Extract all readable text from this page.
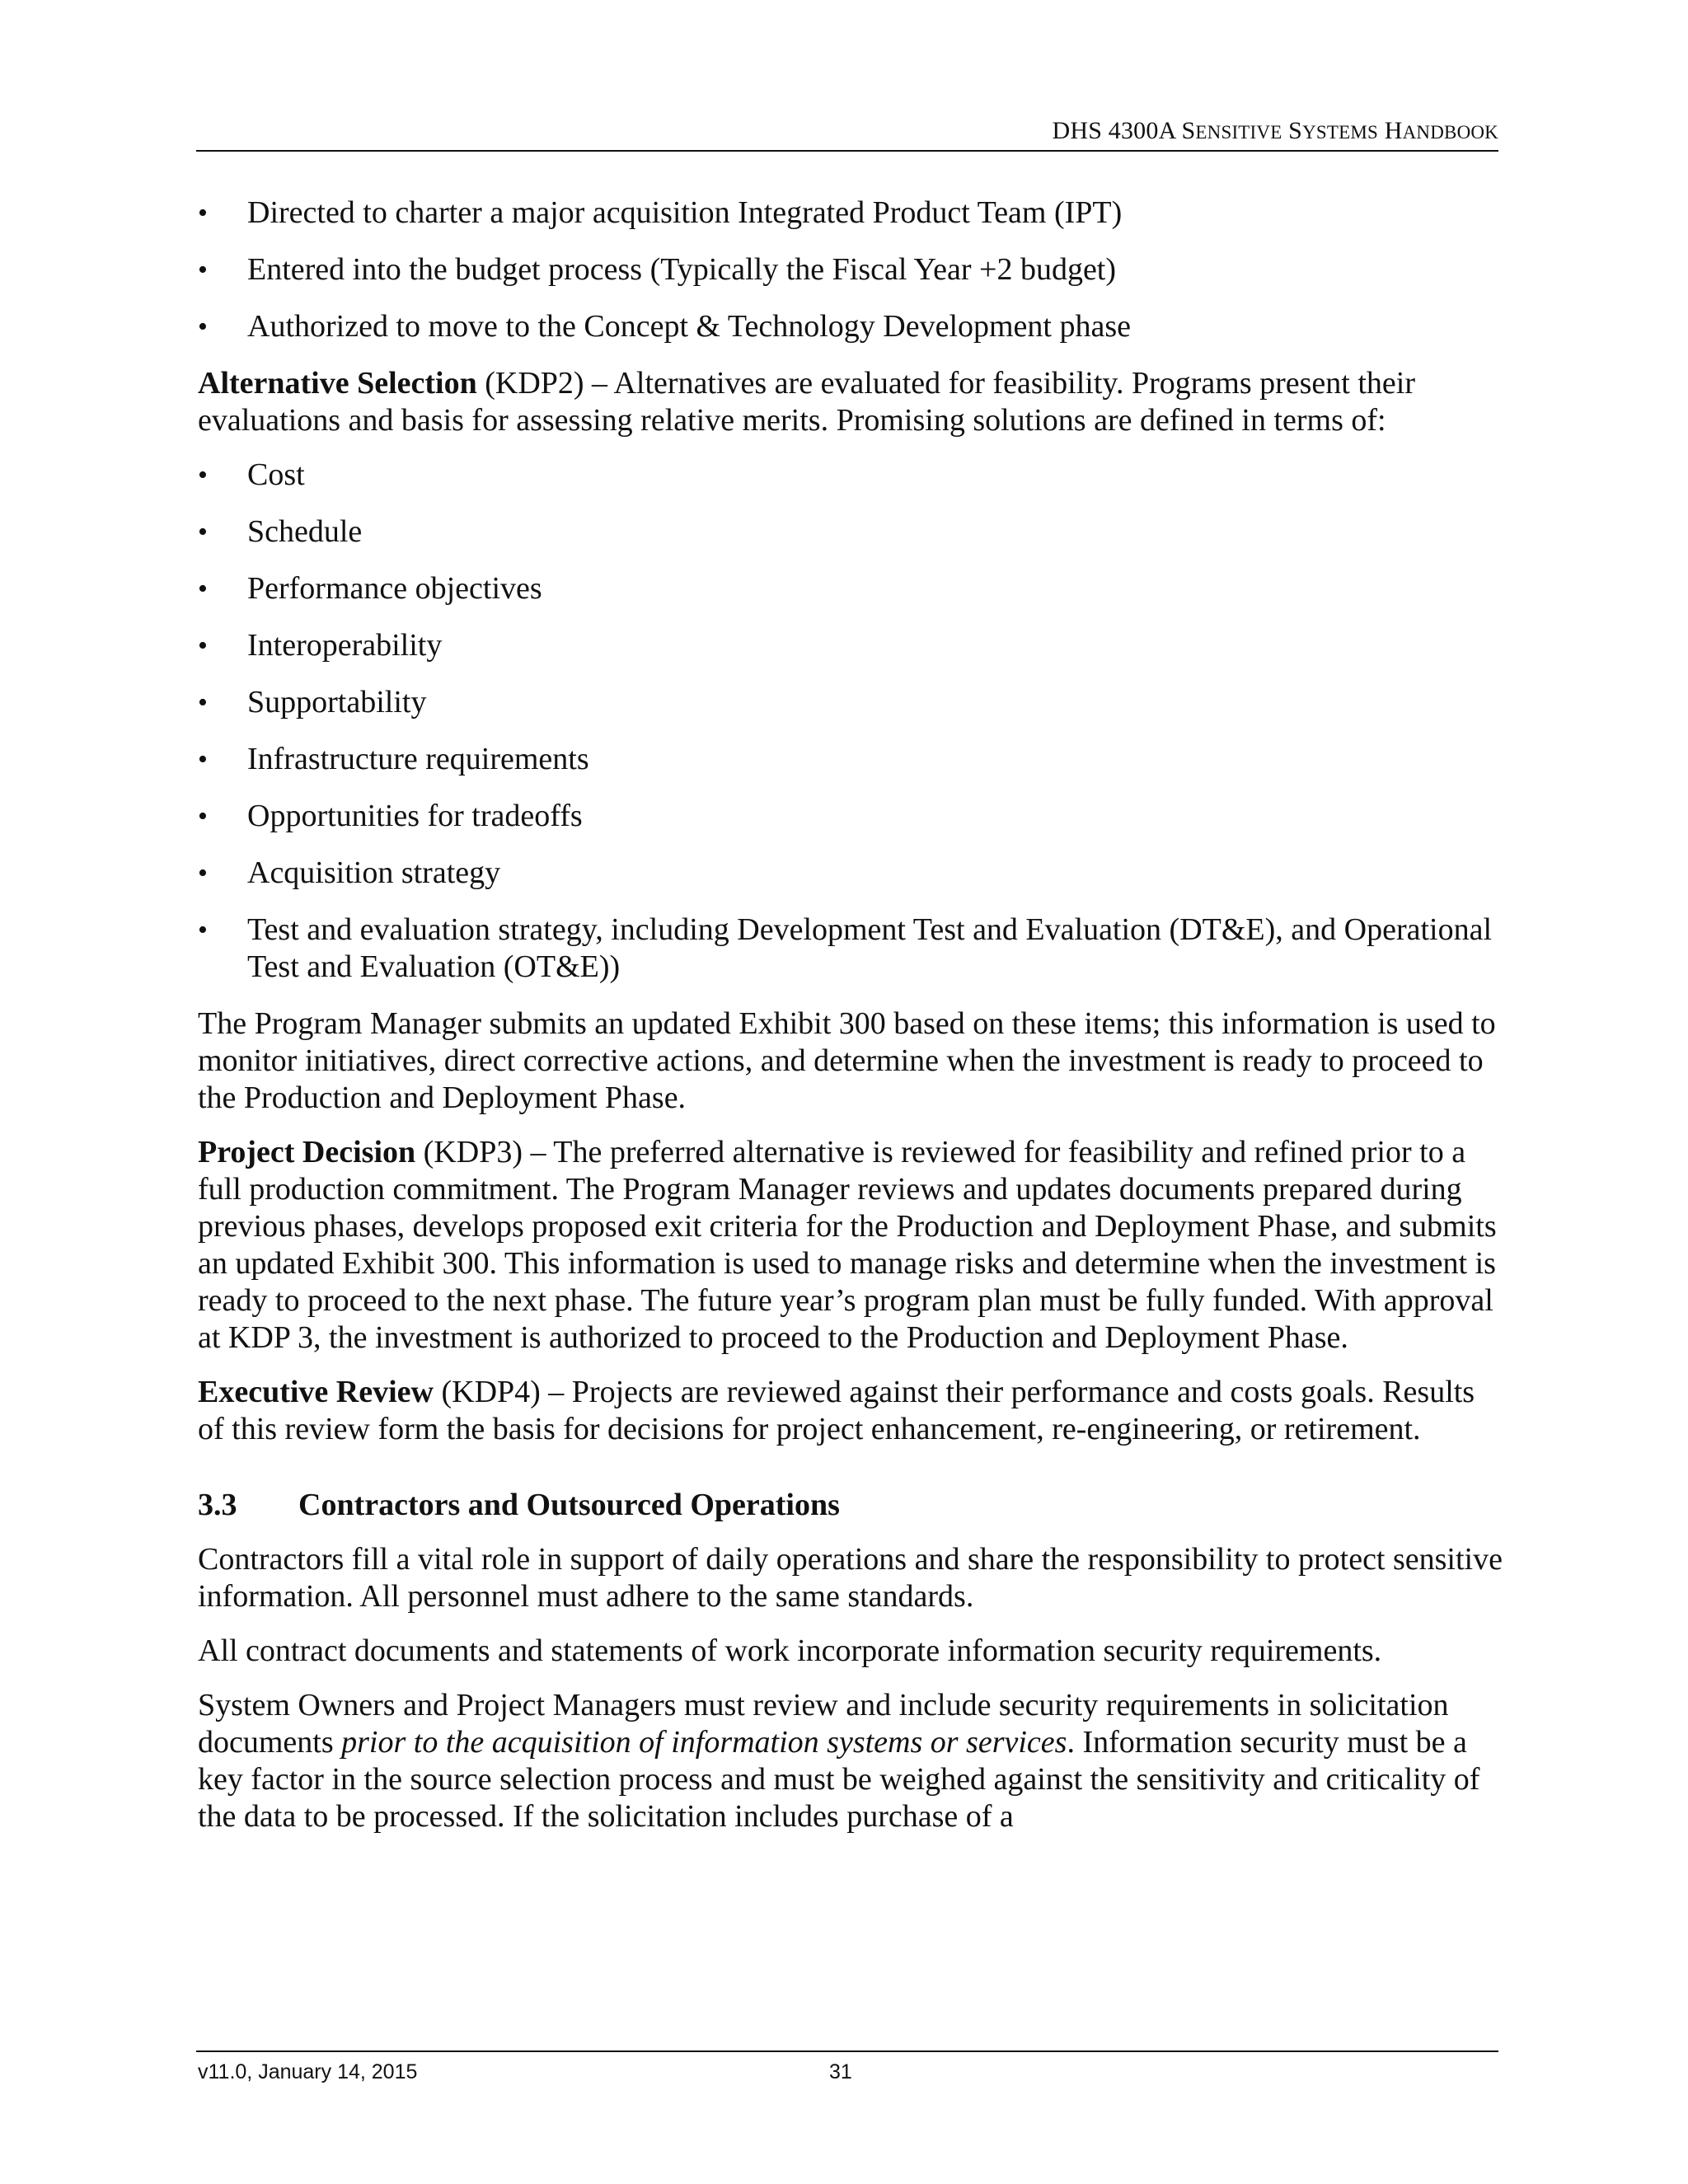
DHS 4300A SENSITIVE SYSTEMS HANDBOOK
• Directed to charter a major acquisition Integrated Product Team (IPT)
• Entered into the budget process (Typically the Fiscal Year +2 budget)
• Authorized to move to the Concept & Technology Development phase

Alternative Selection (KDP2) – Alternatives are evaluated for feasibility. Programs present their evaluations and basis for assessing relative merits. Promising solutions are defined in terms of:

• Cost
• Schedule
• Performance objectives
• Interoperability
• Supportability
• Infrastructure requirements
• Opportunities for tradeoffs
• Acquisition strategy
• Test and evaluation strategy, including Development Test and Evaluation (DT&E), and Operational Test and Evaluation (OT&E))

The Program Manager submits an updated Exhibit 300 based on these items; this information is used to monitor initiatives, direct corrective actions, and determine when the investment is ready to proceed to the Production and Deployment Phase.

Project Decision (KDP3) – The preferred alternative is reviewed for feasibility and refined prior to a full production commitment. The Program Manager reviews and updates documents prepared during previous phases, develops proposed exit criteria for the Production and Deployment Phase, and submits an updated Exhibit 300. This information is used to manage risks and determine when the investment is ready to proceed to the next phase. The future year’s program plan must be fully funded. With approval at KDP 3, the investment is authorized to proceed to the Production and Deployment Phase.

Executive Review (KDP4) – Projects are reviewed against their performance and costs goals. Results of this review form the basis for decisions for project enhancement, re-engineering, or retirement.

3.3 Contractors and Outsourced Operations

Contractors fill a vital role in support of daily operations and share the responsibility to protect sensitive information. All personnel must adhere to the same standards.

All contract documents and statements of work incorporate information security requirements.

System Owners and Project Managers must review and include security requirements in solicitation documents prior to the acquisition of information systems or services. Information security must be a key factor in the source selection process and must be weighed against the sensitivity and criticality of the data to be processed. If the solicitation includes purchase of a

v11.0, January 14, 2015	31
